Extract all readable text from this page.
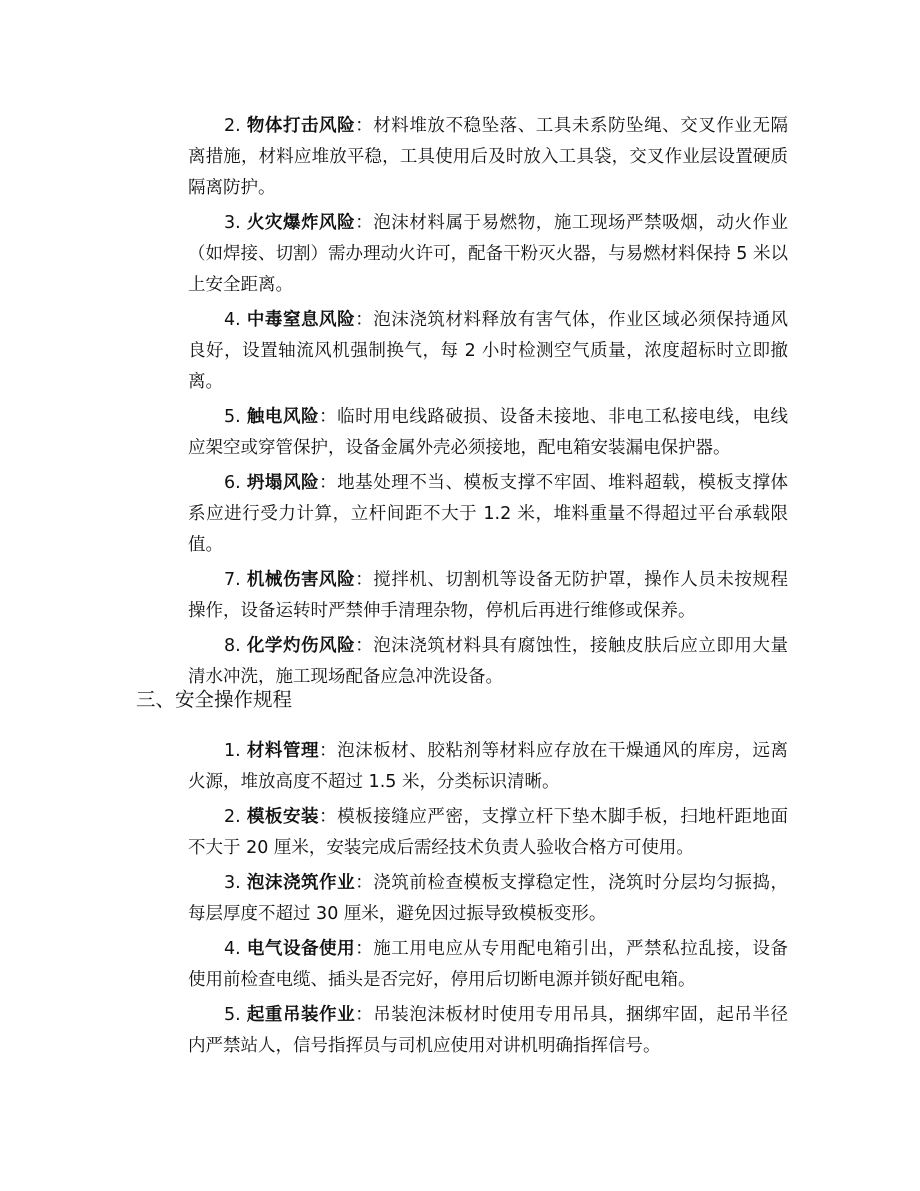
2. 物体打击风险：材料堆放不稳坠落、工具未系防坠绳、交叉作业无隔离措施，材料应堆放平稳，工具使用后及时放入工具袋，交叉作业层设置硬质隔离防护。

3. 火灾爆炸风险：泡沫材料属于易燃物，施工现场严禁吸烟，动火作业（如焊接、切割）需办理动火许可，配备干粉灭火器，与易燃材料保持 5 米以上安全距离。

4. 中毒窒息风险：泡沫浇筑材料释放有害气体，作业区域必须保持通风良好，设置轴流风机强制换气，每 2 小时检测空气质量，浓度超标时立即撤离。

5. 触电风险：临时用电线路破损、设备未接地、非电工私接电线，电线应架空或穿管保护，设备金属外壳必须接地，配电箱安装漏电保护器。

6. 坍塌风险：地基处理不当、模板支撑不牢固、堆料超载，模板支撑体系应进行受力计算，立杆间距不大于 1.2 米，堆料重量不得超过平台承载限值。

7. 机械伤害风险：搅拌机、切割机等设备无防护罩，操作人员未按规程操作，设备运转时严禁伸手清理杂物，停机后再进行维修或保养。

8. 化学灼伤风险：泡沫浇筑材料具有腐蚀性，接触皮肤后应立即用大量清水冲洗，施工现场配备应急冲洗设备。

三、安全操作规程

1. 材料管理：泡沫板材、胶粘剂等材料应存放在干燥通风的库房，远离火源，堆放高度不超过 1.5 米，分类标识清晰。

2. 模板安装：模板接缝应严密，支撑立杆下垫木脚手板，扫地杆距地面不大于 20 厘米，安装完成后需经技术负责人验收合格方可使用。

3. 泡沫浇筑作业：浇筑前检查模板支撑稳定性，浇筑时分层均匀振捣，每层厚度不超过 30 厘米，避免因过振导致模板变形。

4. 电气设备使用：施工用电应从专用配电箱引出，严禁私拉乱接，设备使用前检查电缆、插头是否完好，停用后切断电源并锁好配电箱。

5. 起重吊装作业：吊装泡沫板材时使用专用吊具，捆绑牢固，起吊半径内严禁站人，信号指挥员与司机应使用对讲机明确指挥信号。
